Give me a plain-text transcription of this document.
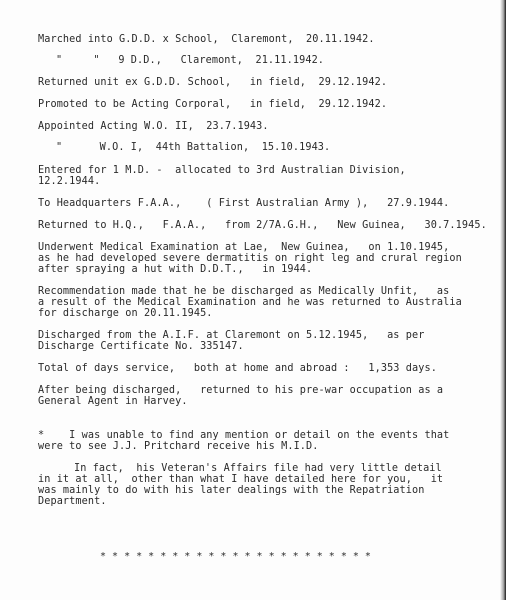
Marched into G.D.D. x School,  Claremont,  20.11.1942.
"     "   9 D.D.,   Claremont,  21.11.1942.
Returned unit ex G.D.D. School,   in field,  29.12.1942.
Promoted to be Acting Corporal,   in field,  29.12.1942.
Appointed Acting W.O. II,  23.7.1943.
"      W.O. I,  44th Battalion,  15.10.1943.
Entered for 1 M.D. -  allocated to 3rd Australian Division,
12.2.1944.
To Headquarters F.A.A.,    ( First Australian Army ),   27.9.1944.
Returned to H.Q.,   F.A.A.,   from 2/7A.G.H.,   New Guinea,   30.7.1945.
Underwent Medical Examination at Lae,  New Guinea,   on 1.10.1945,
as he had developed severe dermatitis on right leg and crural region
after spraying a hut with D.D.T.,   in 1944.
Recommendation made that he be discharged as Medically Unfit,   as
a result of the Medical Examination and he was returned to Australia
for discharge on 20.11.1945.
Discharged from the A.I.F. at Claremont on 5.12.1945,   as per
Discharge Certificate No. 335147.
Total of days service,   both at home and abroad :   1,353 days.
After being discharged,   returned to his pre-war occupation as a
General Agent in Harvey.
*    I was unable to find any mention or detail on the events that
were to see J.J. Pritchard receive his M.I.D.
In fact,  his Veteran's Affairs file had very little detail
in it at all,  other than what I have detailed here for you,   it
was mainly to do with his later dealings with the Repatriation
Department.
* * * * * * * * * * * * * * * * * * * * * * *
